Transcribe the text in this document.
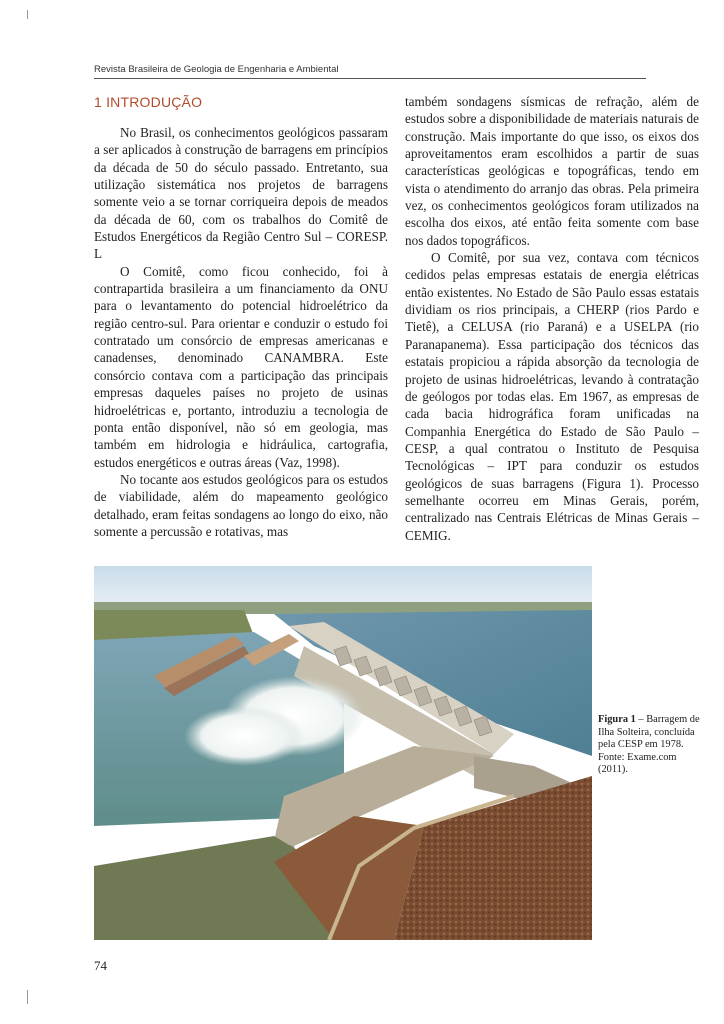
Revista Brasileira de Geologia de Engenharia e Ambiental
1 INTRODUÇÃO

No Brasil, os conhecimentos geológicos passaram a ser aplicados à construção de barragens em princípios da década de 50 do século passado. Entretanto, sua utilização sistemática nos projetos de barragens somente veio a se tornar corriqueira depois de meados da década de 60, com os trabalhos do Comitê de Estudos Energéticos da Região Centro Sul – CORESP. L

O Comitê, como ficou conhecido, foi à contrapartida brasileira a um financiamento da ONU para o levantamento do potencial hidroelétrico da região centro-sul. Para orientar e conduzir o estudo foi contratado um consórcio de empresas americanas e canadenses, denominado CANAMBRA. Este consórcio contava com a participação das principais empresas daqueles países no projeto de usinas hidroelétricas e, portanto, introduziu a tecnologia de ponta então disponível, não só em geologia, mas também em hidrologia e hidráulica, cartografia, estudos energéticos e outras áreas (Vaz, 1998).

No tocante aos estudos geológicos para os estudos de viabilidade, além do mapeamento geológico detalhado, eram feitas sondagens ao longo do eixo, não somente a percussão e rotativas, mas

também sondagens sísmicas de refração, além de estudos sobre a disponibilidade de materiais naturais de construção. Mais importante do que isso, os eixos dos aproveitamentos eram escolhidos a partir de suas características geológicas e topográficas, tendo em vista o atendimento do arranjo das obras. Pela primeira vez, os conhecimentos geológicos foram utilizados na escolha dos eixos, até então feita somente com base nos dados topográficos.

O Comitê, por sua vez, contava com técnicos cedidos pelas empresas estatais de energia elétricas então existentes. No Estado de São Paulo essas estatais dividiam os rios principais, a CHERP (rios Pardo e Tietê), a CELUSA (rio Paraná) e a USELPA (rio Paranapanema). Essa participação dos técnicos das estatais propiciou a rápida absorção da tecnologia de projeto de usinas hidroelétricas, levando à contratação de geólogos por todas elas. Em 1967, as empresas de cada bacia hidrográfica foram unificadas na Companhia Energética do Estado de São Paulo – CESP, a qual contratou o Instituto de Pesquisa Tecnológicas – IPT para conduzir os estudos geológicos de suas barragens (Figura 1). Processo semelhante ocorreu em Minas Gerais, porém, centralizado nas Centrais Elétricas de Minas Gerais – CEMIG.

Figura 1 – Barragem de Ilha Solteira, concluída pela CESP em 1978. Fonte: Exame.com (2011).
74
